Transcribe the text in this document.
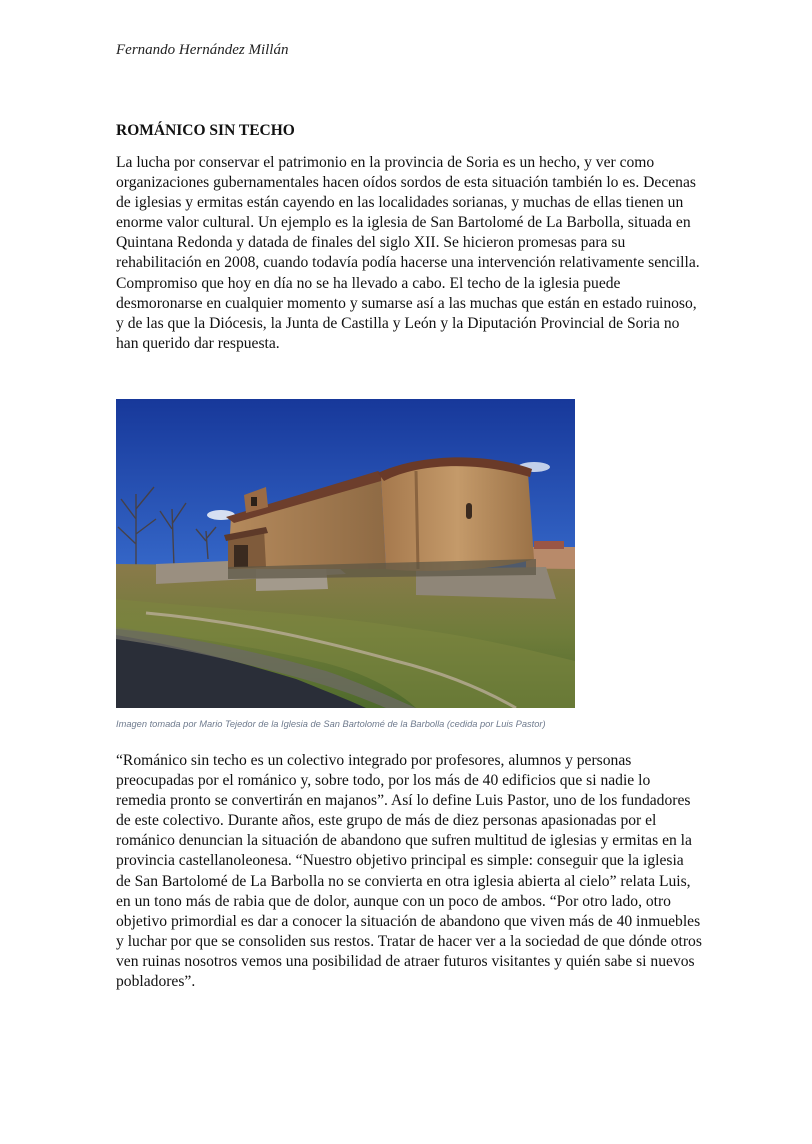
Fernando Hernández Millán
ROMÁNICO SIN TECHO

La lucha por conservar el patrimonio en la provincia de Soria es un hecho, y ver como organizaciones gubernamentales hacen oídos sordos de esta situación también lo es. Decenas de iglesias y ermitas están cayendo en las localidades sorianas, y muchas de ellas tienen un enorme valor cultural. Un ejemplo es la iglesia de San Bartolomé de La Barbolla, situada en Quintana Redonda y datada de finales del siglo XII. Se hicieron promesas para su rehabilitación en 2008, cuando todavía podía hacerse una intervención relativamente sencilla. Compromiso que hoy en día no se ha llevado a cabo. El techo de la iglesia puede desmoronarse en cualquier momento y sumarse así a las muchas que están en estado ruinoso, y de las que la Diócesis, la Junta de Castilla y León y la Diputación Provincial de Soria no han querido dar respuesta.

Imagen tomada por Mario Tejedor de la Iglesia de San Bartolomé de la Barbolla (cedida por Luis Pastor)

“Románico sin techo es un colectivo integrado por profesores, alumnos y personas preocupadas por el románico y, sobre todo, por los más de 40 edificios que si nadie lo remedia pronto se convertirán en majanos”. Así lo define Luis Pastor, uno de los fundadores de este colectivo. Durante años, este grupo de más de diez personas apasionadas por el románico denuncian la situación de abandono que sufren multitud de iglesias y ermitas en la provincia castellanoleonesa. “Nuestro objetivo principal es simple: conseguir que la iglesia de San Bartolomé de La Barbolla no se convierta en otra iglesia abierta al cielo” relata Luis, en un tono más de rabia que de dolor, aunque con un poco de ambos. “Por otro lado, otro objetivo primordial es dar a conocer la situación de abandono que viven más de 40 inmuebles y luchar por que se consoliden sus restos. Tratar de hacer ver a la sociedad de que dónde otros ven ruinas nosotros vemos una posibilidad de atraer futuros visitantes y quién sabe si nuevos pobladores”.
